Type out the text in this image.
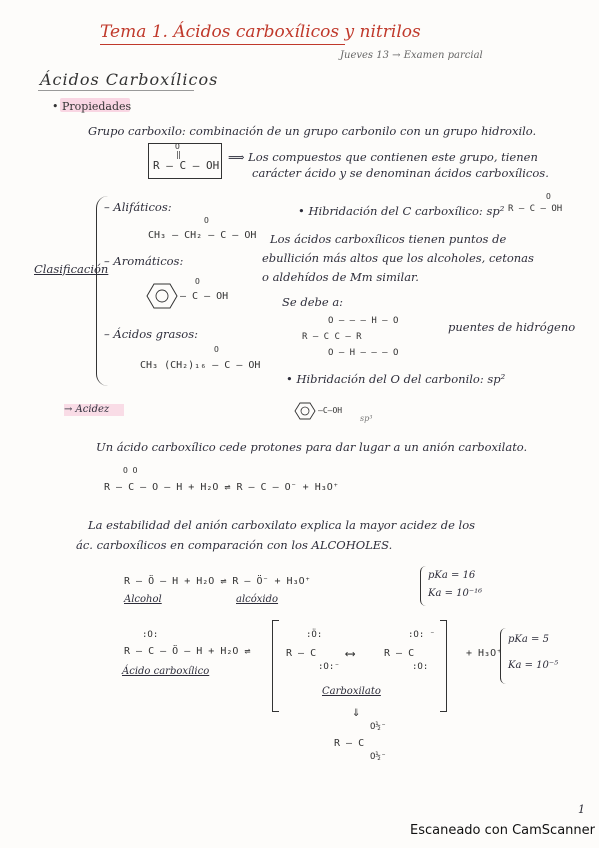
Tema 1. Ácidos carboxílicos y nitrilos
Jueves 13 → Examen parcial
Ácidos Carboxílicos
• Propiedades
Grupo carboxilo: combinación de un grupo carbonilo con un grupo hidroxilo.
O
‖
R – C – OH
⟹ Los compuestos que contienen este grupo, tienen
carácter ácido y se denominan ácidos carboxílicos.
Clasificación
– Alifáticos:
O
CH₃ – CH₂ – C – OH
– Aromáticos:
O
– C – OH
– Ácidos grasos:
O
CH₃ (CH₂)₁₆ – C – OH
• Hibridación del C carboxílico: sp²
O
R – C – OH
Los ácidos carboxílicos tienen puntos de
ebullición más altos que los alcoholes, cetonas
o aldehídos de Mm similar.
Se debe a:
O – – – H – O
R – C C – R
O – H – – – O
puentes de hidrógeno
• Hibridación del O del carbonilo: sp²
→ Acidez	–C–OH
sp³
Un ácido carboxílico cede protones para dar lugar a un anión carboxilato.
O O
R – C – O – H + H₂O ⇌ R – C – O⁻ + H₃O⁺
La estabilidad del anión carboxilato explica la mayor acidez de los
ác. carboxílicos en comparación con los ALCOHOLES.
R – Ö – H + H₂O ⇌ R – Ö⁻ + H₃O⁺
Alcohol	alcóxido
pKa = 16
Ka = 10⁻¹⁶
:O:
R – C – Ö – H + H₂O ⇌
Ácido carboxílico
:Ö:
R – C
:O:⁻
⟷
:O: ⁻
R – C
:O:
+ H₃O⁺
pKa = 5
Ka = 10⁻⁵
Carboxilato
⇓
O½⁻
R – C
O½⁻
1
Escaneado con CamScanner
